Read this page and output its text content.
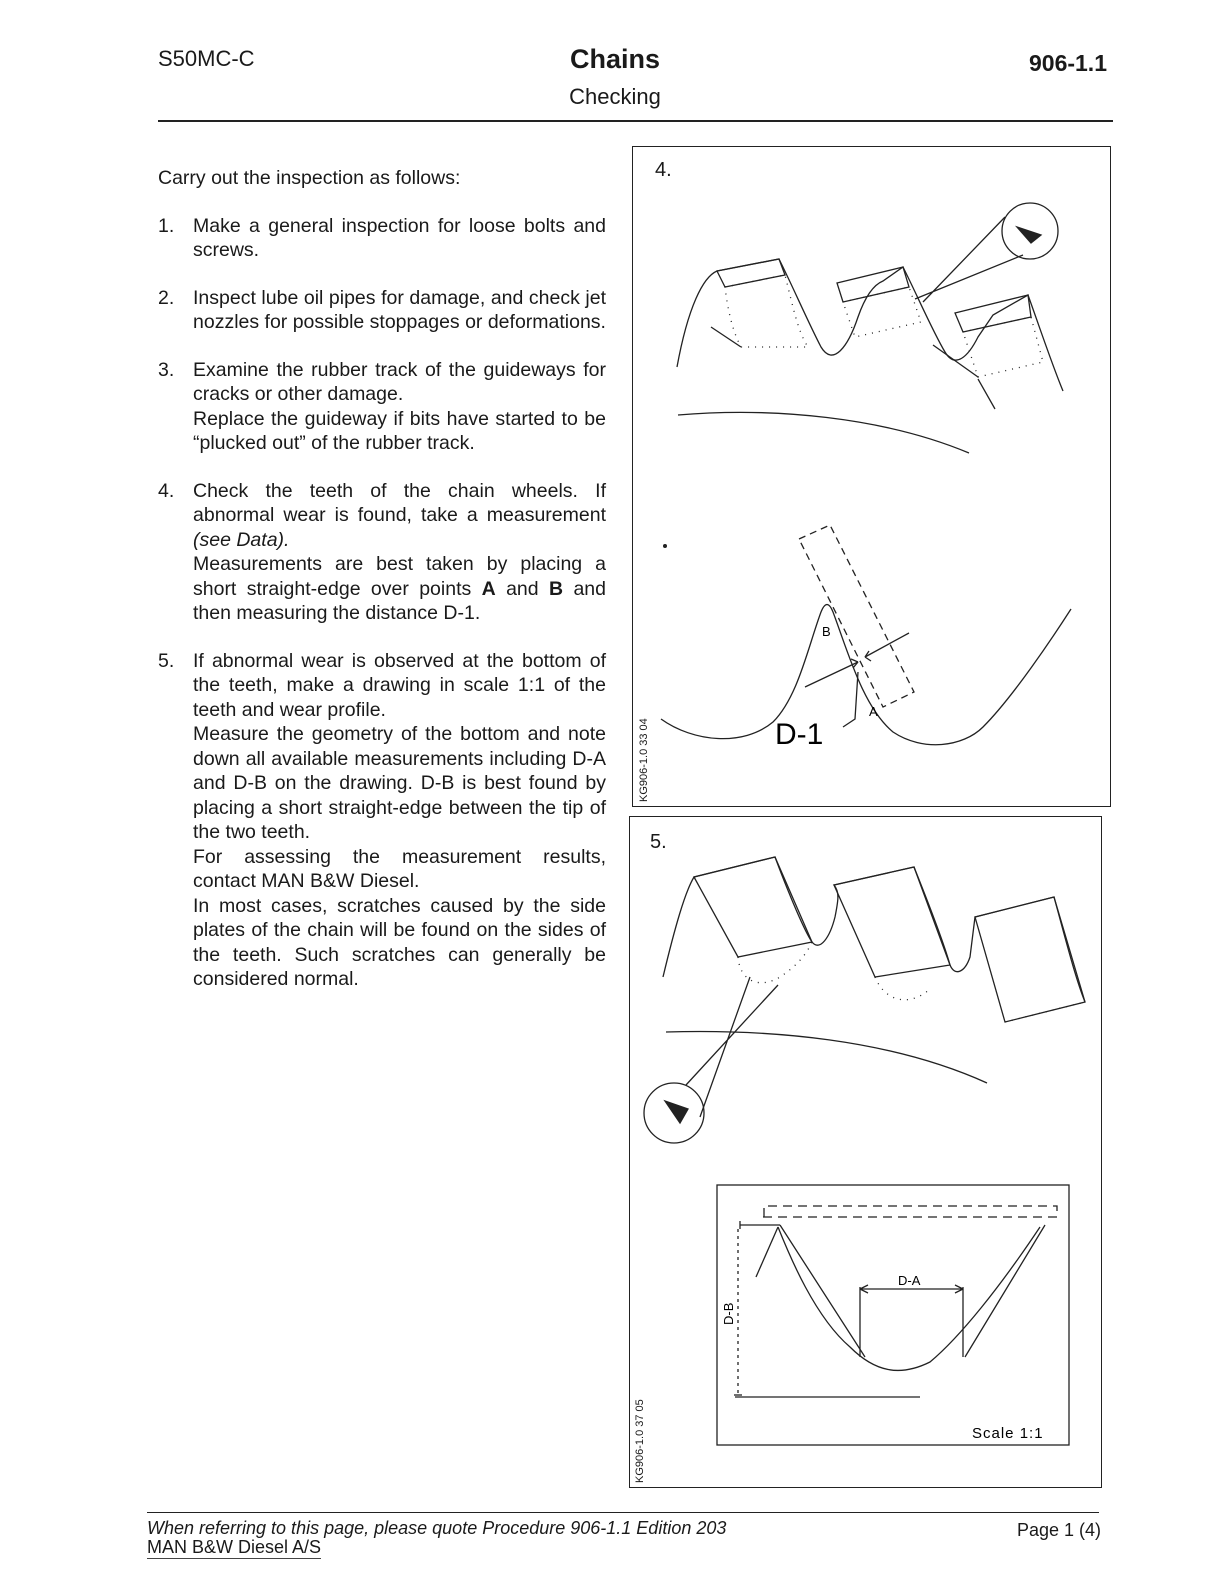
S50MC-C	Chains
Checking
906-1.1

Carry out the inspection as follows:

1. Make a general inspection for loose bolts and screws.

2. Inspect lube oil pipes for damage, and check jet nozzles for possible stoppages or deformations.

3. Examine the rubber track of the guideways for cracks or other damage.

Replace the guideway if bits have started to be “plucked out” of the rubber track.

4. Check the teeth of the chain wheels. If abnormal wear is found, take a measurement (see Data).

Measurements are best taken by placing a short straight-edge over points A and B and then measuring the distance D-1.

5. If abnormal wear is observed at the bottom of the teeth, make a drawing in scale 1:1 of the teeth and wear profile.

Measure the geometry of the bottom and note down all available measurements including D-A and D-B on the drawing. D-B is best found by placing a short straight-edge between the tip of the two teeth.

For assessing the measurement results, contact MAN B&W Diesel.

In most cases, scratches caused by the side plates of the chain will be found on the sides of the teeth. Such scratches can generally be considered normal.

B
A
D-1
4.
KG906-1.0 33 04
D-A
D-B
Scale 1:1
5.
KG906-1.0 37 05
When referring to this page, please quote Procedure 906-1.1 Edition 203	Page 1 (4)
MAN B&W Diesel A/S
